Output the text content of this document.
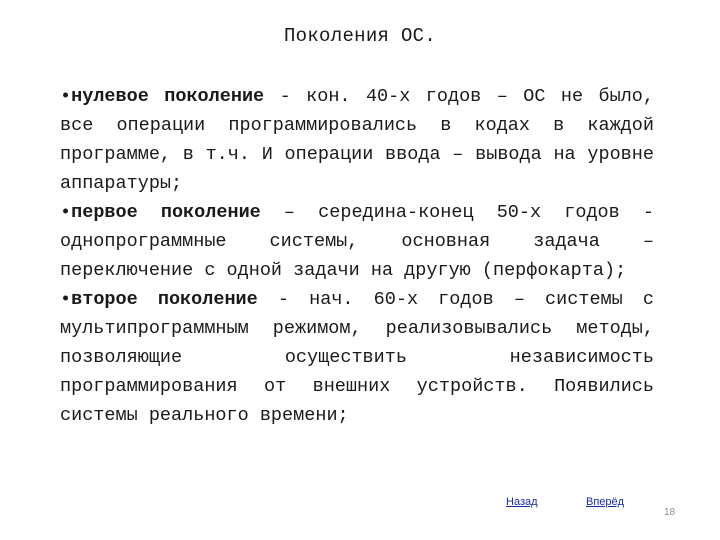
Поколения ОС.

•нулевое поколение - кон. 40-х годов – ОС не было, все операции программировались в кодах в каждой программе, в т.ч. И операции ввода – вывода на уровне аппаратуры;

•первое поколение – середина-конец 50-х годов - однопрограммные системы, основная задача – переключение с одной задачи на другую (перфокарта);

•второе поколение - нач. 60-х годов – системы с мультипрограммным режимом, реализовывались методы, позволяющие осуществить независимость программирования от внешних устройств. Появились системы реального времени;

Назад	Вперёд
18
